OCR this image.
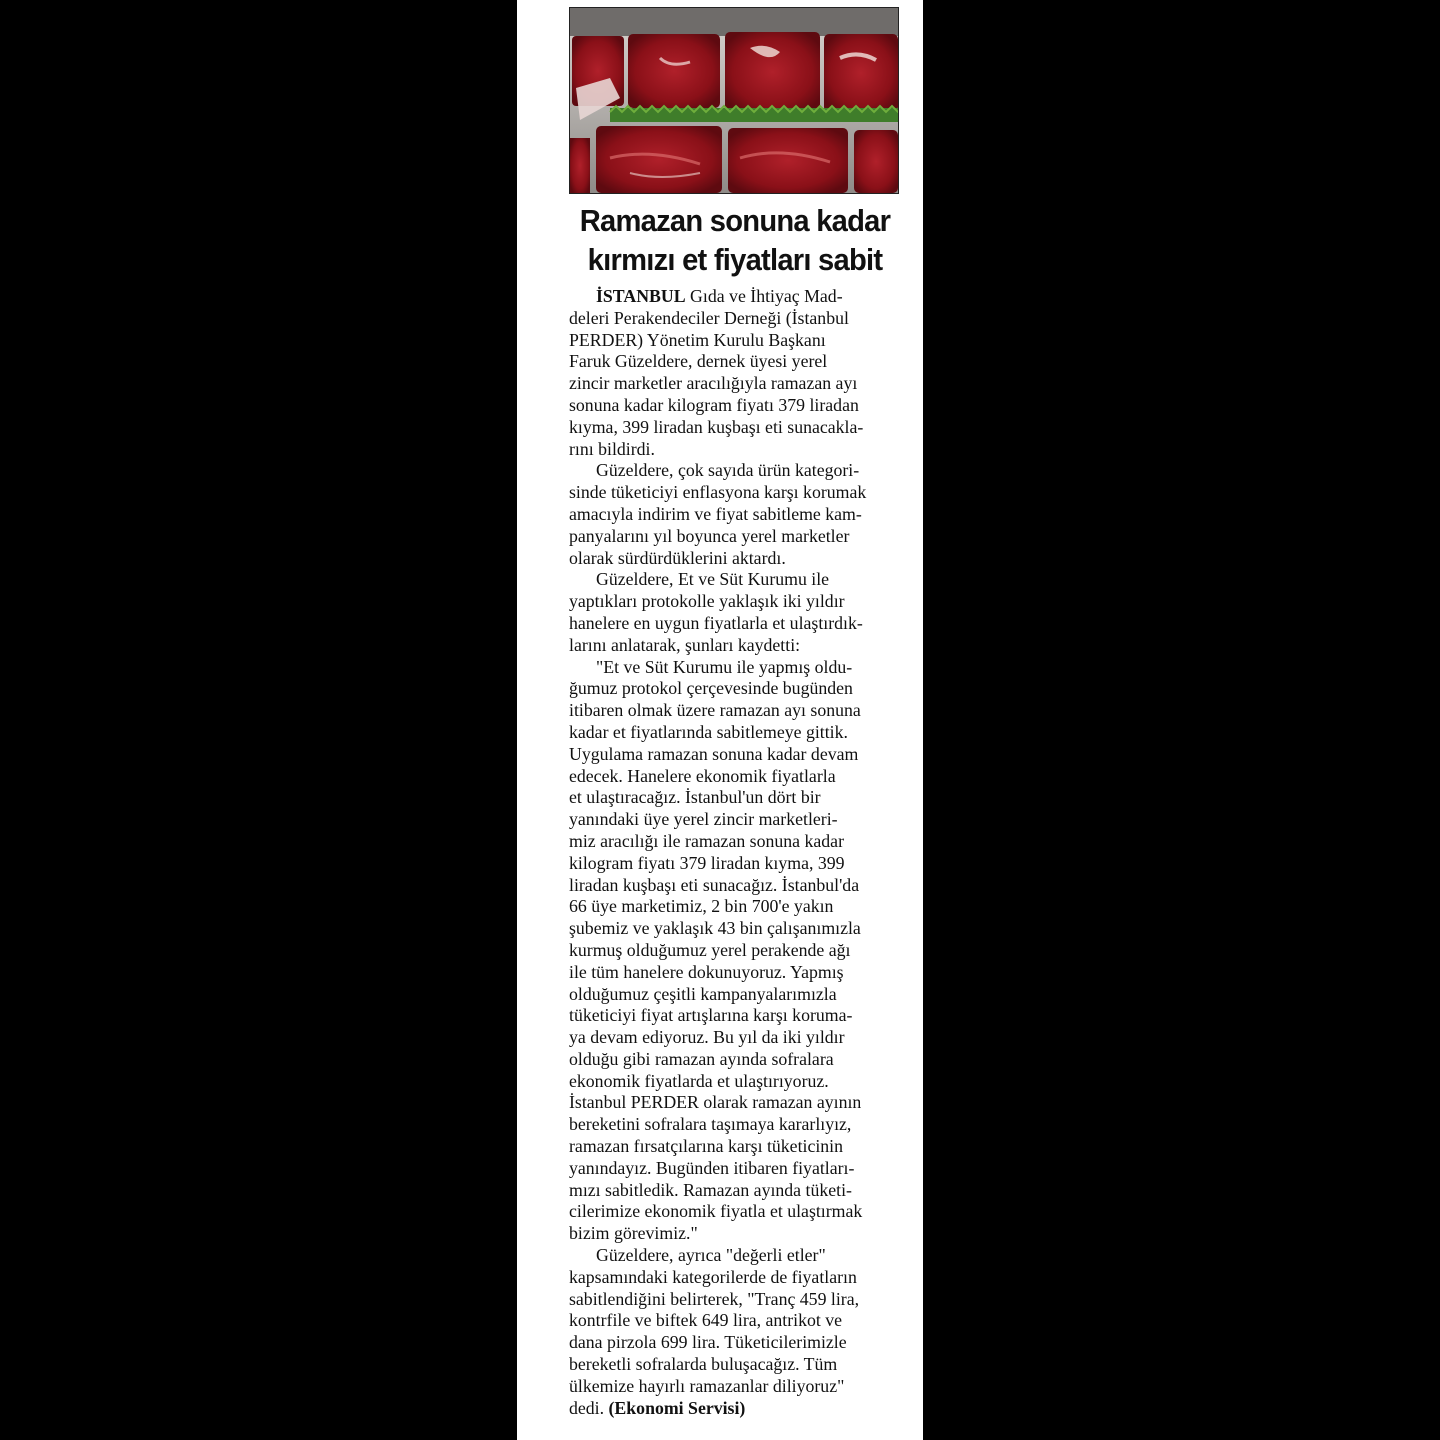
Ramazan sonuna kadar
kırmızı et fiyatları sabit
İSTANBUL Gıda ve İhtiyaç Mad-
deleri Perakendeciler Derneği (İstanbul
PERDER) Yönetim Kurulu Başkanı
Faruk Güzeldere, dernek üyesi yerel
zincir marketler aracılığıyla ramazan ayı
sonuna kadar kilogram fiyatı 379 liradan
kıyma, 399 liradan kuşbaşı eti sunacakla-
rını bildirdi.
Güzeldere, çok sayıda ürün kategori-
sinde tüketiciyi enflasyona karşı korumak
amacıyla indirim ve fiyat sabitleme kam-
panyalarını yıl boyunca yerel marketler
olarak sürdürdüklerini aktardı.
Güzeldere, Et ve Süt Kurumu ile
yaptıkları protokolle yaklaşık iki yıldır
hanelere en uygun fiyatlarla et ulaştırdık-
larını anlatarak, şunları kaydetti:
"Et ve Süt Kurumu ile yapmış oldu-
ğumuz protokol çerçevesinde bugünden
itibaren olmak üzere ramazan ayı sonuna
kadar et fiyatlarında sabitlemeye gittik.
Uygulama ramazan sonuna kadar devam
edecek. Hanelere ekonomik fiyatlarla
et ulaştıracağız. İstanbul'un dört bir
yanındaki üye yerel zincir marketleri-
miz aracılığı ile ramazan sonuna kadar
kilogram fiyatı 379 liradan kıyma, 399
liradan kuşbaşı eti sunacağız. İstanbul'da
66 üye marketimiz, 2 bin 700'e yakın
şubemiz ve yaklaşık 43 bin çalışanımızla
kurmuş olduğumuz yerel perakende ağı
ile tüm hanelere dokunuyoruz. Yapmış
olduğumuz çeşitli kampanyalarımızla
tüketiciyi fiyat artışlarına karşı koruma-
ya devam ediyoruz. Bu yıl da iki yıldır
olduğu gibi ramazan ayında sofralara
ekonomik fiyatlarda et ulaştırıyoruz.
İstanbul PERDER olarak ramazan ayının
bereketini sofralara taşımaya kararlıyız,
ramazan fırsatçılarına karşı tüketicinin
yanındayız. Bugünden itibaren fiyatları-
mızı sabitledik. Ramazan ayında tüketi-
cilerimize ekonomik fiyatla et ulaştırmak
bizim görevimiz."
Güzeldere, ayrıca "değerli etler"
kapsamındaki kategorilerde de fiyatların
sabitlendiğini belirterek, "Tranç 459 lira,
kontrfile ve biftek 649 lira, antrikot ve
dana pirzola 699 lira. Tüketicilerimizle
bereketli sofralarda buluşacağız. Tüm
ülkemize hayırlı ramazanlar diliyoruz"
dedi. (Ekonomi Servisi)
